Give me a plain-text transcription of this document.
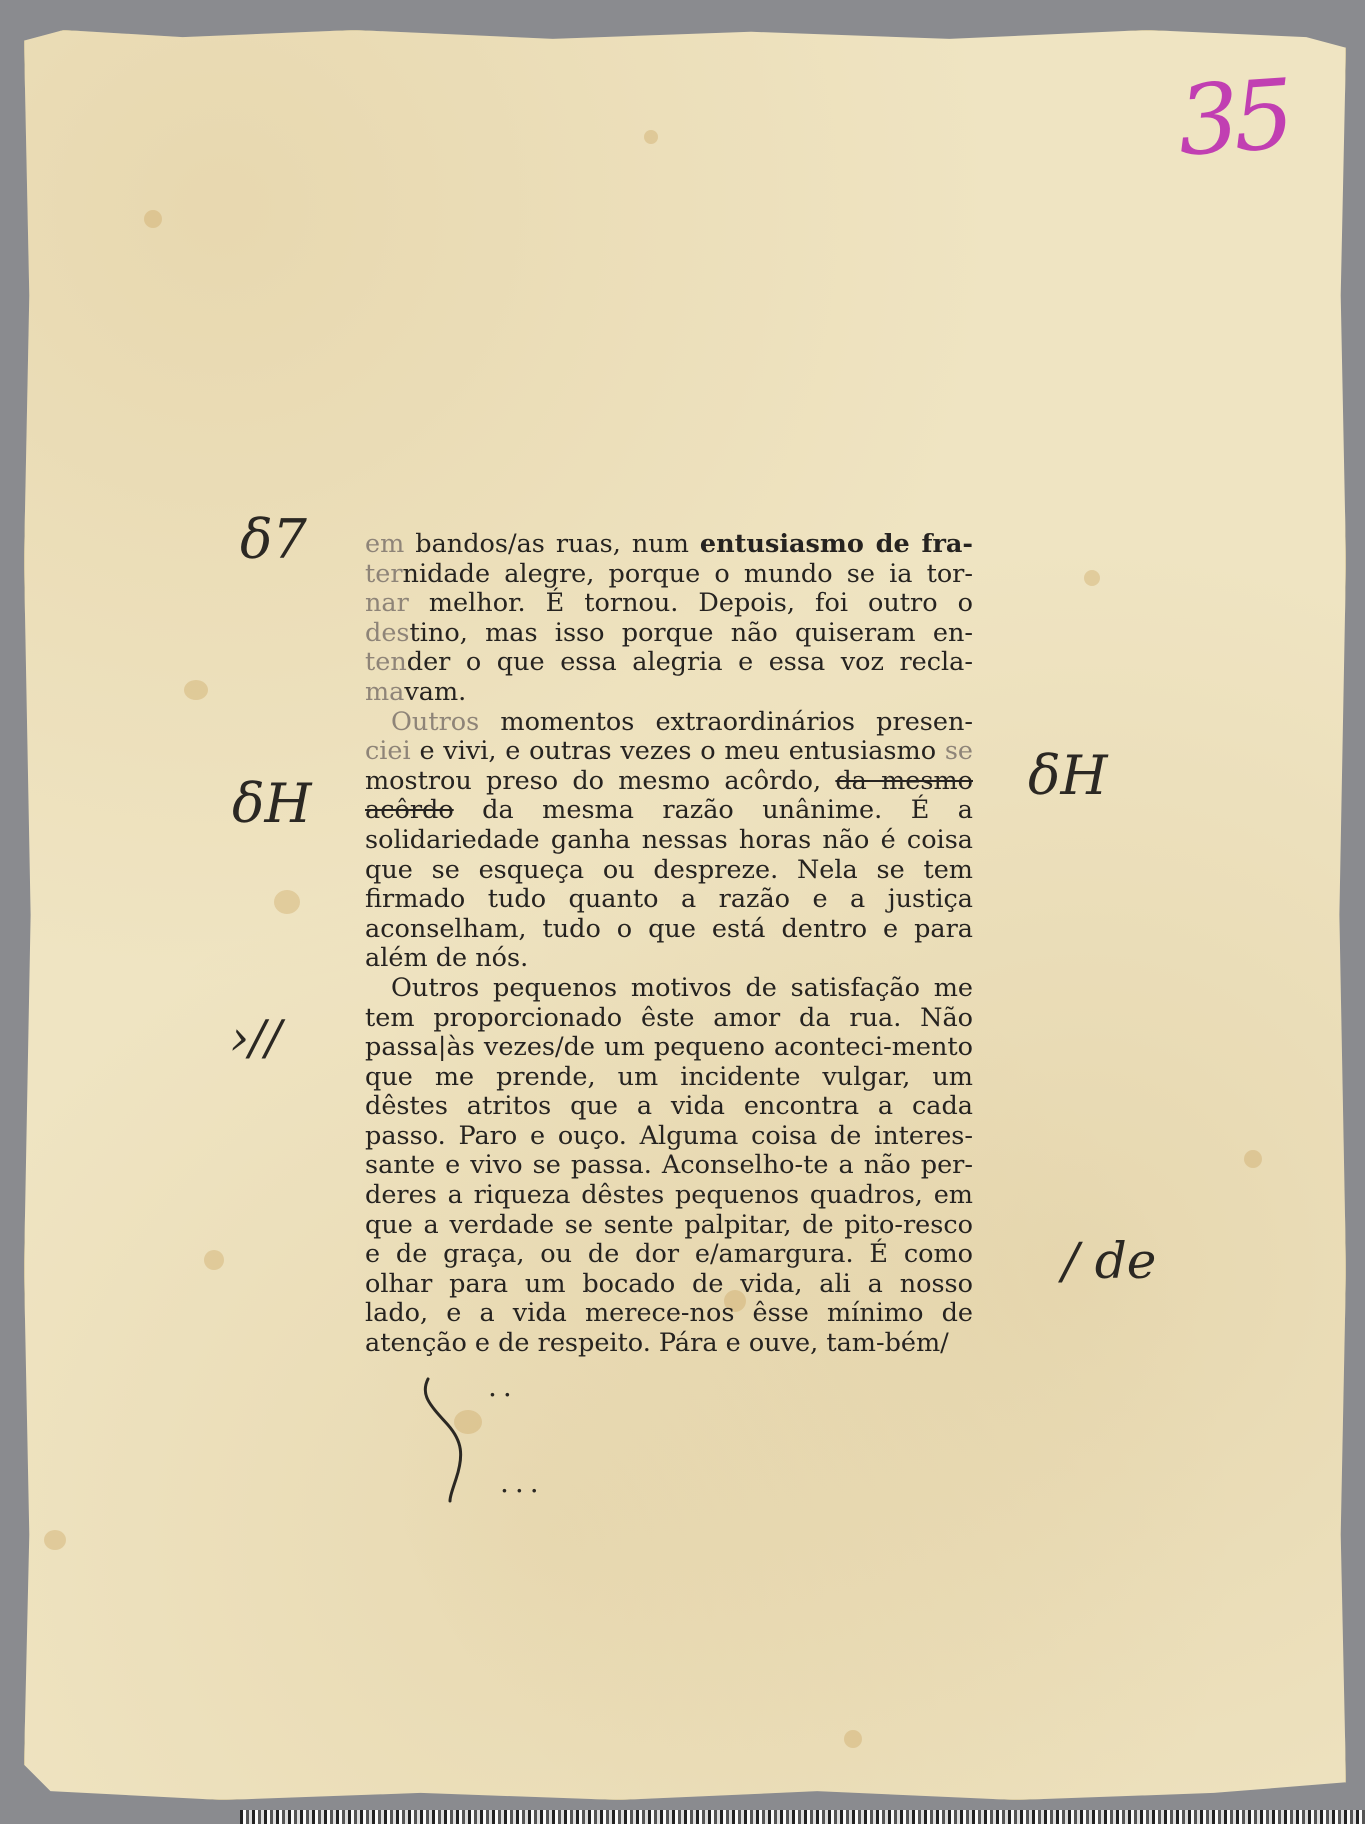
35

em bandos/as ruas, num entusiasmo de fra- ternidade alegre, porque o mundo se ia tor- nar melhor. É tornou. Depois, foi outro o destino, mas isso porque não quiseram en- tender o que essa alegria e essa voz recla- mavam.

Outros momentos extraordinários presen- ciei e vivi, e outras vezes o meu entusiasmo se mostrou preso do mesmo acôrdo, da mesmo acôrdo da mesma razão unânime. É a solidariedade ganha nessas horas não é coisa que se esqueça ou despreze. Nela se tem firmado tudo quanto a razão e a justiça aconselham, tudo o que está dentro e para além de nós.

Outros pequenos motivos de satisfação me tem proporcionado êste amor da rua. Não passa|às vezes/de um pequeno aconteci-mento que me prende, um incidente vulgar, um dêstes atritos que a vida encontra a cada passo. Paro e ouço. Alguma coisa de interes-sante e vivo se passa. Aconselho-te a não per-deres a riqueza dêstes pequenos quadros, em que a verdade se sente palpitar, de pito-resco e de graça, ou de dor e/amargura. É como olhar para um bocado de vida, ali a nosso lado, e a vida merece-nos êsse mínimo de atenção e de respeito. Pára e ouve, tam-bém/

..
...
δ7
δH
›//
δH
/ de
